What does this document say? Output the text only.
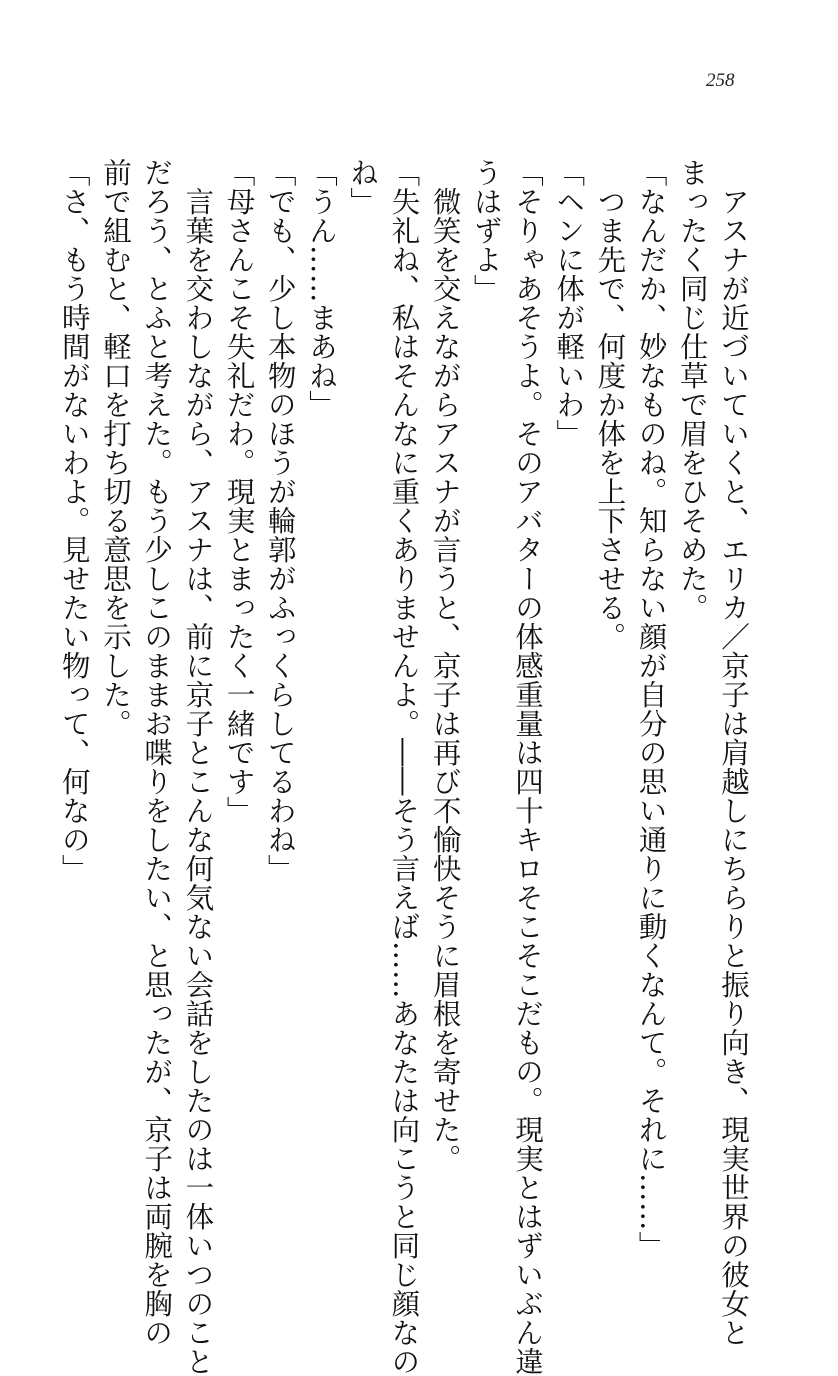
258

アスナが近づいていくと、エリカ／京子は肩越しにちらりと振り向き、現実世界の彼女と

まったく同じ仕草で眉をひそめた。

「なんだか、妙なものね。知らない顔が自分の思い通りに動くなんて。それに……」

つま先で、何度か体を上下させる。

「ヘンに体が軽いわ」

「そりゃあそうよ。そのアバターの体感重量は四十キロそこそこだもの。現実とはずいぶん違

うはずよ」

微笑を交えながらアスナが言うと、京子は再び不愉快そうに眉根を寄せた。

「失礼ね、私はそんなに重くありませんよ。――そう言えば……あなたは向こうと同じ顔なの

ね」

「うん……まあね」

「でも、少し本物のほうが輪郭がふっくらしてるわね」

「母さんこそ失礼だわ。現実とまったく一緒です」

言葉を交わしながら、アスナは、前に京子とこんな何気ない会話をしたのは一体いつのこと

だろう、とふと考えた。もう少しこのままお喋りをしたい、と思ったが、京子は両腕を胸の

前で組むと、軽口を打ち切る意思を示した。

「さ、もう時間がないわよ。見せたい物って、何なの」
